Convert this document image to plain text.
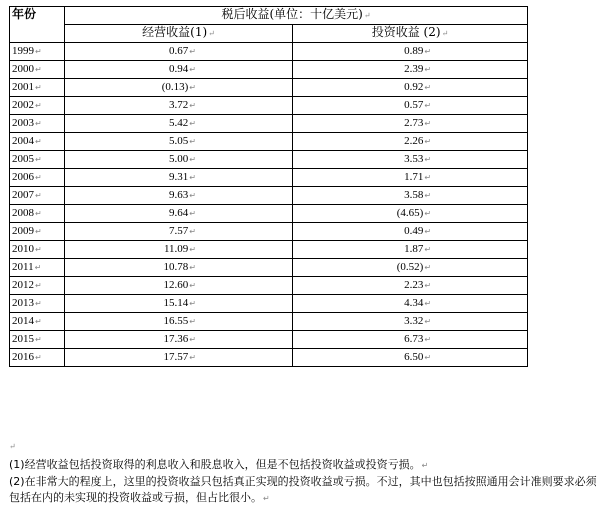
年份	税后收益(单位：十亿美元)↵	
	经营收益(1)↵	投资收益 (2)↵
1999↵	0.67↵	0.89↵
2000↵	0.94↵	2.39↵
2001↵	(0.13)↵	0.92↵
2002↵	3.72↵	0.57↵
2003↵	5.42↵	2.73↵
2004↵	5.05↵	2.26↵
2005↵	5.00↵	3.53↵
2006↵	9.31↵	1.71↵
2007↵	9.63↵	3.58↵
2008↵	9.64↵	(4.65)↵
2009↵	7.57↵	0.49↵
2010↵	11.09↵	1.87↵
2011↵	10.78↵	(0.52)↵
2012↵	12.60↵	2.23↵
2013↵	15.14↵	4.34↵
2014↵	16.55↵	3.32↵
2015↵	17.36↵	6.73↵
2016↵	17.57↵	6.50↵
↵
(1)经营收益包括投资取得的利息收入和股息收入，但是不包括投资收益或投资亏损。↵
(2)在非常大的程度上，这里的投资收益只包括真正实现的投资收益或亏损。不过，其中也包括按照通用会计准则要求必须包括在内的未实现的投资收益或亏损，但占比很小。↵
